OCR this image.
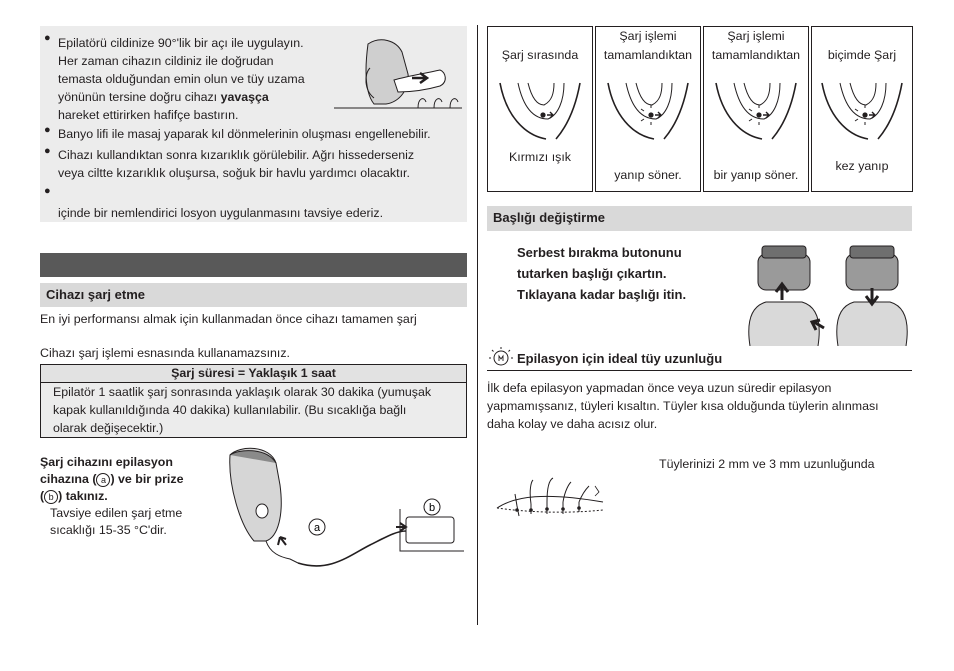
● Epilatörü cildinize 90°'lik bir açı ile uygulayın.
Her zaman cihazın cildiniz ile doğrudan
temasta olduğundan emin olun ve tüy uzama
yönünün tersine doğru cihazı yavaşça
hareket ettirirken hafifçe bastırın.
● Banyo lifi ile masaj yaparak kıl dönmelerinin oluşması engellenebilir.
● Cihazı kullandıktan sonra kızarıklık görülebilir. Ağrı hissederseniz
veya ciltte kızarıklık oluşursa, soğuk bir havlu yardımcı olacaktır.
●
içinde bir nemlendirici losyon uygulanmasını tavsiye ederiz.
Cihazı şarj etme
En iyi performansı almak için kullanmadan önce cihazı tamamen şarj
Cihazı şarj işlemi esnasında kullanamazsınız.
Şarj süresi = Yaklaşık 1 saat
Epilatör 1 saatlik şarj sonrasında yaklaşık olarak 30 dakika (yumuşak
kapak kullanıldığında 40 dakika) kullanılabilir. (Bu sıcaklığa bağlı
olarak değişecektir.)
Şarj cihazını epilasyon
cihazına ( a ) ve bir prize
( b ) takınız.
Tavsiye edilen şarj etme
sıcaklığı 15-35 °C'dir.	a
b
Şarj sırasında
Kırmızı ışık
Şarj işlemi
tamamlandıktan
yanıp söner.
Şarj işlemi
tamamlandıktan
bir yanıp söner.
biçimde Şarj
kez yanıp
Başlığı değiştirme
Serbest bırakma butonunu
tutarken başlığı çıkartın.
Tıklayana kadar başlığı itin.
Epilasyon için ideal tüy uzunluğu
İlk defa epilasyon yapmadan önce veya uzun süredir epilasyon
yapmamışsanız, tüyleri kısaltın. Tüyler kısa olduğunda tüylerin alınması
daha kolay ve daha acısız olur.
Tüylerinizi 2 mm ve 3 mm uzunluğunda
